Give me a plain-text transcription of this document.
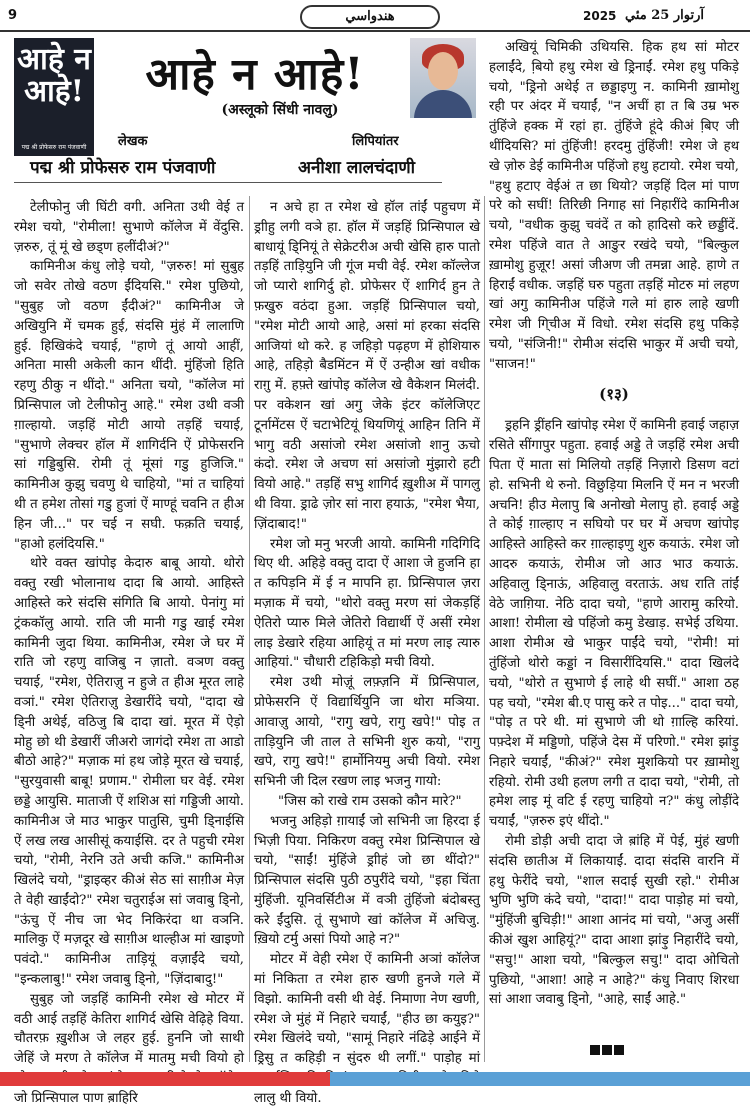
9	هندواسي	2025 آرتوار 25 مئي
आहे न आहे!
पद्म श्री प्रोफेसरु राम पंजवाणी
आहे न आहे!
(अस्लूको सिंधी नावलु)
लेखक
पद्म श्री प्रोफेसरु राम पंजवाणी
लिपियांतर
अनीशा लालचंदाणी

टेलीफोनु जी घिंटी वगी. अनिता उथी वेई त रमेश चयो, "रोमीला! सुभाणे कॉलेज में वेंदुसि. ज़रुरु, तूं मूं खे छड्ण हलींदीअं?"

कामिनीअ कंधु लोड़े चयो, "ज़रुरु! मां सुबुह जो सवेर तोखे वठण ईंदियसि." रमेश पुछियो, "सुबुह जो वठण ईंदीअं?" कामिनीअ जे अखियुनि में चमक हुई, संदसि मुंहं में लालाणि हुई. हिखिकंदे चयाई, "हाणे तूं आयो आहीं, अनिता मासी अकेली कान थींदी. मुंहिंजो हिति रहणु ठीकु न थींदो." अनिता चयो, "कॉलेज मां प्रिन्सिपाल जो टेलीफोनु आहे." रमेश उथी वञी ग़ाल्हायो. जड़हिं मोटी आयो तड़हिं चयाई, "सुभाणे लेक्चर हॉल में शागिर्दनि ऐं प्रोफेसरनि सां गड्डिबुसि. रोमी तूं मूंसां गडु हुजिजि." कामिनीअ कुझु चवणु थे चाहियो, "मां त चाहियां थी त हमेश तोसां गडु हुजां ऐं माण्हूं चवनि त हीअ हिन जी..." पर चई न सघी. फक़ति चयाई, "हाओ हलंदियसि."

थोरे वक्त खांपोइ केदारु बाबू आयो. थोरो वक्तु रखी भोलानाथ दादा बि आयो. आहिस्ते आहिस्ते करे संदसि संगिति बि आयो. पेनांगु मां ट्रंककॉलु आयो. राति जी मानी गडु खाई रमेश कामिनी जुदा थिया. कामिनीअ, रमेश जे घर में राति जो रहणु वाजिबु न ज़ातो. वञण वक्तु चयाई, "रमेश, ऐतिराज़ु न हुजे त हीअ मूरत लाहे वञां." रमेश ऐतिराज़ु डेखारींदे चयो, "दादा खे डि्नी अथेई, वठिजु बि दादा खां. मूरत में ऐड़ो मोहु छो थी डेखारीं जीअरो जागंदो रमेश ता आडो बीठो आहे?" मज़ाक मां हथ जोड़े मूरत खे चयाई, "सुरयुवासी बाबू! प्रणाम." रोमीला घर वेई. रमेश छड्डे आयुसि. माताजी ऐं शशिअ सां गड्डिजी आयो. कामिनीअ जे माउ भाकुर पातुसि, चुमी डि्नाईसि ऐं लख लख आसीसूं कयाईसि. दर ते पहुची रमेश चयो, "रोमी, नेरनि उते अची कजि." कामिनीअ खिलंदे चयो, "ड्राइव्हर कीअं सेठ सां साग़ीअ मेज़ ते वेही खाईंदो?" रमेश चतुराईअ सां जवाबु डि्नो, "ऊंचु ऐं नीच जा भेद निकिरंदा था वञनि. मालिकु ऐं मज़दूर खे साग़ीअ थाल्हीअ मां खाइणो पवंदो." कामिनीअ ताड़ियूं वज़ाईंदे चयो, "इन्कलाबु!" रमेश जवाबु डि्नो, "ज़िंदाबादु!"

सुबुह जो जड़हिं कामिनी रमेश खे मोटर में वठी आई तड़हिं केतिरा शागिर्द खेसि वेढ़िहे विया. चौतरफ़ ख़ुशीअ जे लहर हुई. हुननि जो साथी जेहिं जे मरण ते कॉलेज में मातमु मची वियो हो जो प्रिन्सिपाल पाण ब़ाहिरि

न अचे हा त रमेश खे हॉल तांईं पहुचण में ड्राीहु लगी वञे हा. हॉल में जड़हिं प्रिन्सिपाल खे बाधायूं डि्नियूं ते सेक्रेटरीअ अची खेसि हारु पातो तड़हिं ताड़ियुनि जी गूंज मची वेई. रमेश कॉल्लेज जो प्यारो शागिर्दु हो. प्रोफेसर ऐं शागिर्द हुन ते फ़खुरु वठंदा हुआ. जड़हिं प्रिन्सिपाल चयो, "रमेश मोटी आयो आहे, असां मां हरका संदसि आजियां थो करे. ह जहिड़ो पढ़हण में होशियारु आहे, तहिड़ो बैडमिंटन में ऐं उन्हीअ खां वधीक राग़ु में. हफ़्ते खांपोइ कॉलेज खे वैकेशन मिलंदी. पर वकेशन खां अगु जेके इंटर कॉलेजिएट टूर्नामेंटस ऐं चटाभेटियूं थियणियूं आहिन तिनि में भागु वठी असांजो रमेश असांजो शानु ऊचो कंदो. रमेश जे अचण सां असांजो मुंझारो हटी वियो आहे." तड़हिं सभु शागिर्द ख़ुशीअ में पागलु थी विया. ड्राढे ज़ोर सां नारा हयाऊं, "रमेश भैया, ज़िंदाबाद!"

रमेश जो मनु भरजी आयो. कामिनी गदिगिदि थिए थी. अहिड़े वक्तु दादा ऐं आशा जे हुजनि हा त कपिड़नि में ई न मापनि हा. प्रिन्सिपाल ज़रा मज़ाक में चयो, "थोरो वक्तु मरण सां जेकड़हिं ऐतिरो प्यारु मिले जेतिरो विद्यार्थी ऐं असीं रमेश लाइ डेखारे रहिया आहियूं त मां मरण लाइ त्यारु आहियां." चौधारी टहिकिड़ो मची वियो.

रमेश उथी मोज़ूं लफ़्ज़नि में प्रिन्सिपाल, प्रोफेसरनि ऐं विद्यार्थियुनि जा थोरा मञिया. आवाज़ु आयो, "रागु खपे, रागु खपे!" पोइ त ताड़ियुनि जी ताल ते सभिनी शुरु कयो, "रागु खपे, रागु खपे!" हार्मोनियमु अची वियो. रमेश सभिनी जी दिल रखण लाइ भजनु गायो:

"जिस को राखे राम उसको कौन मारे?"

भजनु अहिड़ो ग़ायाईं जो सभिनी जा हिरदा ई भिज़ी पिया. निकिरण वक्तु रमेश प्रिन्सिपाल खे चयो, "साईं! मुंहिंजे ड्राीहं जो छा थींदो?" प्रिन्सिपाल संदसि पुठी ठपुरींदे चयो, "इहा चिंता मुंहिंजी. यूनिवर्सिटीअ में वञी तुंहिंजो बंदोबस्तु करे ईंदुसि. तूं सुभाणे खां कॉलेज में अचिजु. ख़ियो टर्मु असां पियो आहे न?"

मोटर में वेही रमेश ऐं कामिनी अञां कॉलेज मां निकिता त रमेश हारु खणी हुनजे गले में विझो. कामिनी वसी थी वेई. निमाणा नेण खणी, रमेश जे मुंहं में निहारे चयाईं, "हीउ छा कयुइ?" रमेश खिलंदे चयो, "सामूं निहारे नंढिड़े आईने में ड्रिसु त कहिड़ी न सुंदरु थी लगीं." पाड़ोह मां लालु थी वियो.

अखियूं चिमिकी उथियसि. हिक हथ सां मोटर हलाईंदे, बि़यो हथु रमेश खे ड्रिनाईं. रमेश हथु पकिड़े चयो, "ड्रिनो अथेई त छड्डाइणु न. कामिनी ख़ामोशु रही पर अंदर में चयाईं, "न अचीं हा त बि उम्र भरु तुंहिंजे हक्क में रहां हा. तुंहिंजे हूंदे कीअं बि़ए जी थींदियसि? मां तुंहिंजी! हरदमु तुंहिंजी! रमेश जे हथ खे ज़ोरु डेई कामिनीअ पहिंजो हथु हटायो. रमेश चयो, "हथु हटाए वेईअं त छा थियो? जड़हिं दिल मां पाण परे को सघीं! तिरिछी निगाह सां निहारींदे कामिनीअ चयो, "वधीक कुझु चवंदें त को हादिसो करे छड्डींदें. रमेश पहिंजे वात ते आङुर रखंदे चयो, "बिल्कुल ख़ामोशु हुज़ूर! असां जीअण जी तमन्ना आहे. हाणे त हिराईं वधीक. जड़हिं घरु पहुता तड़हिं मोटरु मां लहण खां अगु कामिनीअ पहिंजे गले मां हारु लाहे खणी रमेश जी गि्चीअ में विधो. रमेश संदसि हथु पकिड़े चयो, "संजिनी!" रोमीअ संदसि भाकुर में अची चयो, "साजन!"

(१३)

ड्रहनि ड्रींहनि खांपोइ रमेश ऐं कामिनी हवाई जहाज़ रसिते सींगापुर पहुता. हवाई अड्डे ते जड़हिं रमेश अची पिता ऐं माता सां मिलियो तड़हिं निज़ारो डिसण वटां हो. सभिनी थे रुनो. विछुड़िया मिलनि ऐं मन न भरजी अचनि! हीउ मेलापु बि अनोखो मेलापु हो. हवाई अड्डे ते कोई ग़ाल्हाए न सघियो पर घर में अचण खांपोइ आहिस्ते आहिस्ते कर ग़ाल्हाइणु शुरु कयाऊं. रमेश जो आदरु कयाऊं, रोमीअ जो आउ भाउ कयाऊं. अहिवालु डि्नाऊं, अहिवालु वरताऊं. अध राति तांईं वेठे जाग़िया. नेठि दादा चयो, "हाणे आरामु करियो. आशा! रोमीला खे पहिंजो कमु डेखाड़. सभेई उथिया. आशा रोमीअ खे भाकुर पाईंदे चयो, "रोमी! मां तुंहिंजो थोरो कड्डां न विसारींदियसि." दादा खिलंदे चयो, "थोरो त सुभाणे ई लाहे थी सघीं." आशा ठह पह चयो, "रमेश बी.ए पासु करे त पोइ..." दादा चयो, "पोइ त परे थी. मां सुभाणे जी थो ग़ाल्हि करियां. पफ़्देश में मड्डिणो, पहिंजे देस में परिणो." रमेश झांड़ु निहारे चयाईं, "कीअं?" रमेश मुशकियो पर ख़ामोशु रहियो. रोमी उथी हलण लगी त दादा चयो, "रोमी, तो हमेश लाइ मूं वटि ई रहणु चाहियो न?" कंधु लोड़ींदे चयाईं, "ज़रुरु इएं थींदो."

रोमी डोड़ी अची दादा जे ब़ांहि में पेई, मुंहं खणी संदसि छातीअ में लिकायाईं. दादा संदसि वारनि में हथु फेरींदे चयो, "शाल सदाई सुखी रहो." रोमीअ भुणि भुणि कंदे चयो, "दादा!" दादा पाड़ोह मां चयो, "मुंहिंजी बुचिड़ी!" आशा आनंद मां चयो, "अजु असीं कीअं खुश आहियूं?" दादा आशा झांड़ु निहारींदे चयो, "सचु!" आशा चयो, "बिल्कुल सचु!" दादा ओचितो पुछियो, "आशा! आहे न आहे?" कंधु निवाए शिरधा सां आशा जवाबु डि्नो, "आहे, साईं आहे."
